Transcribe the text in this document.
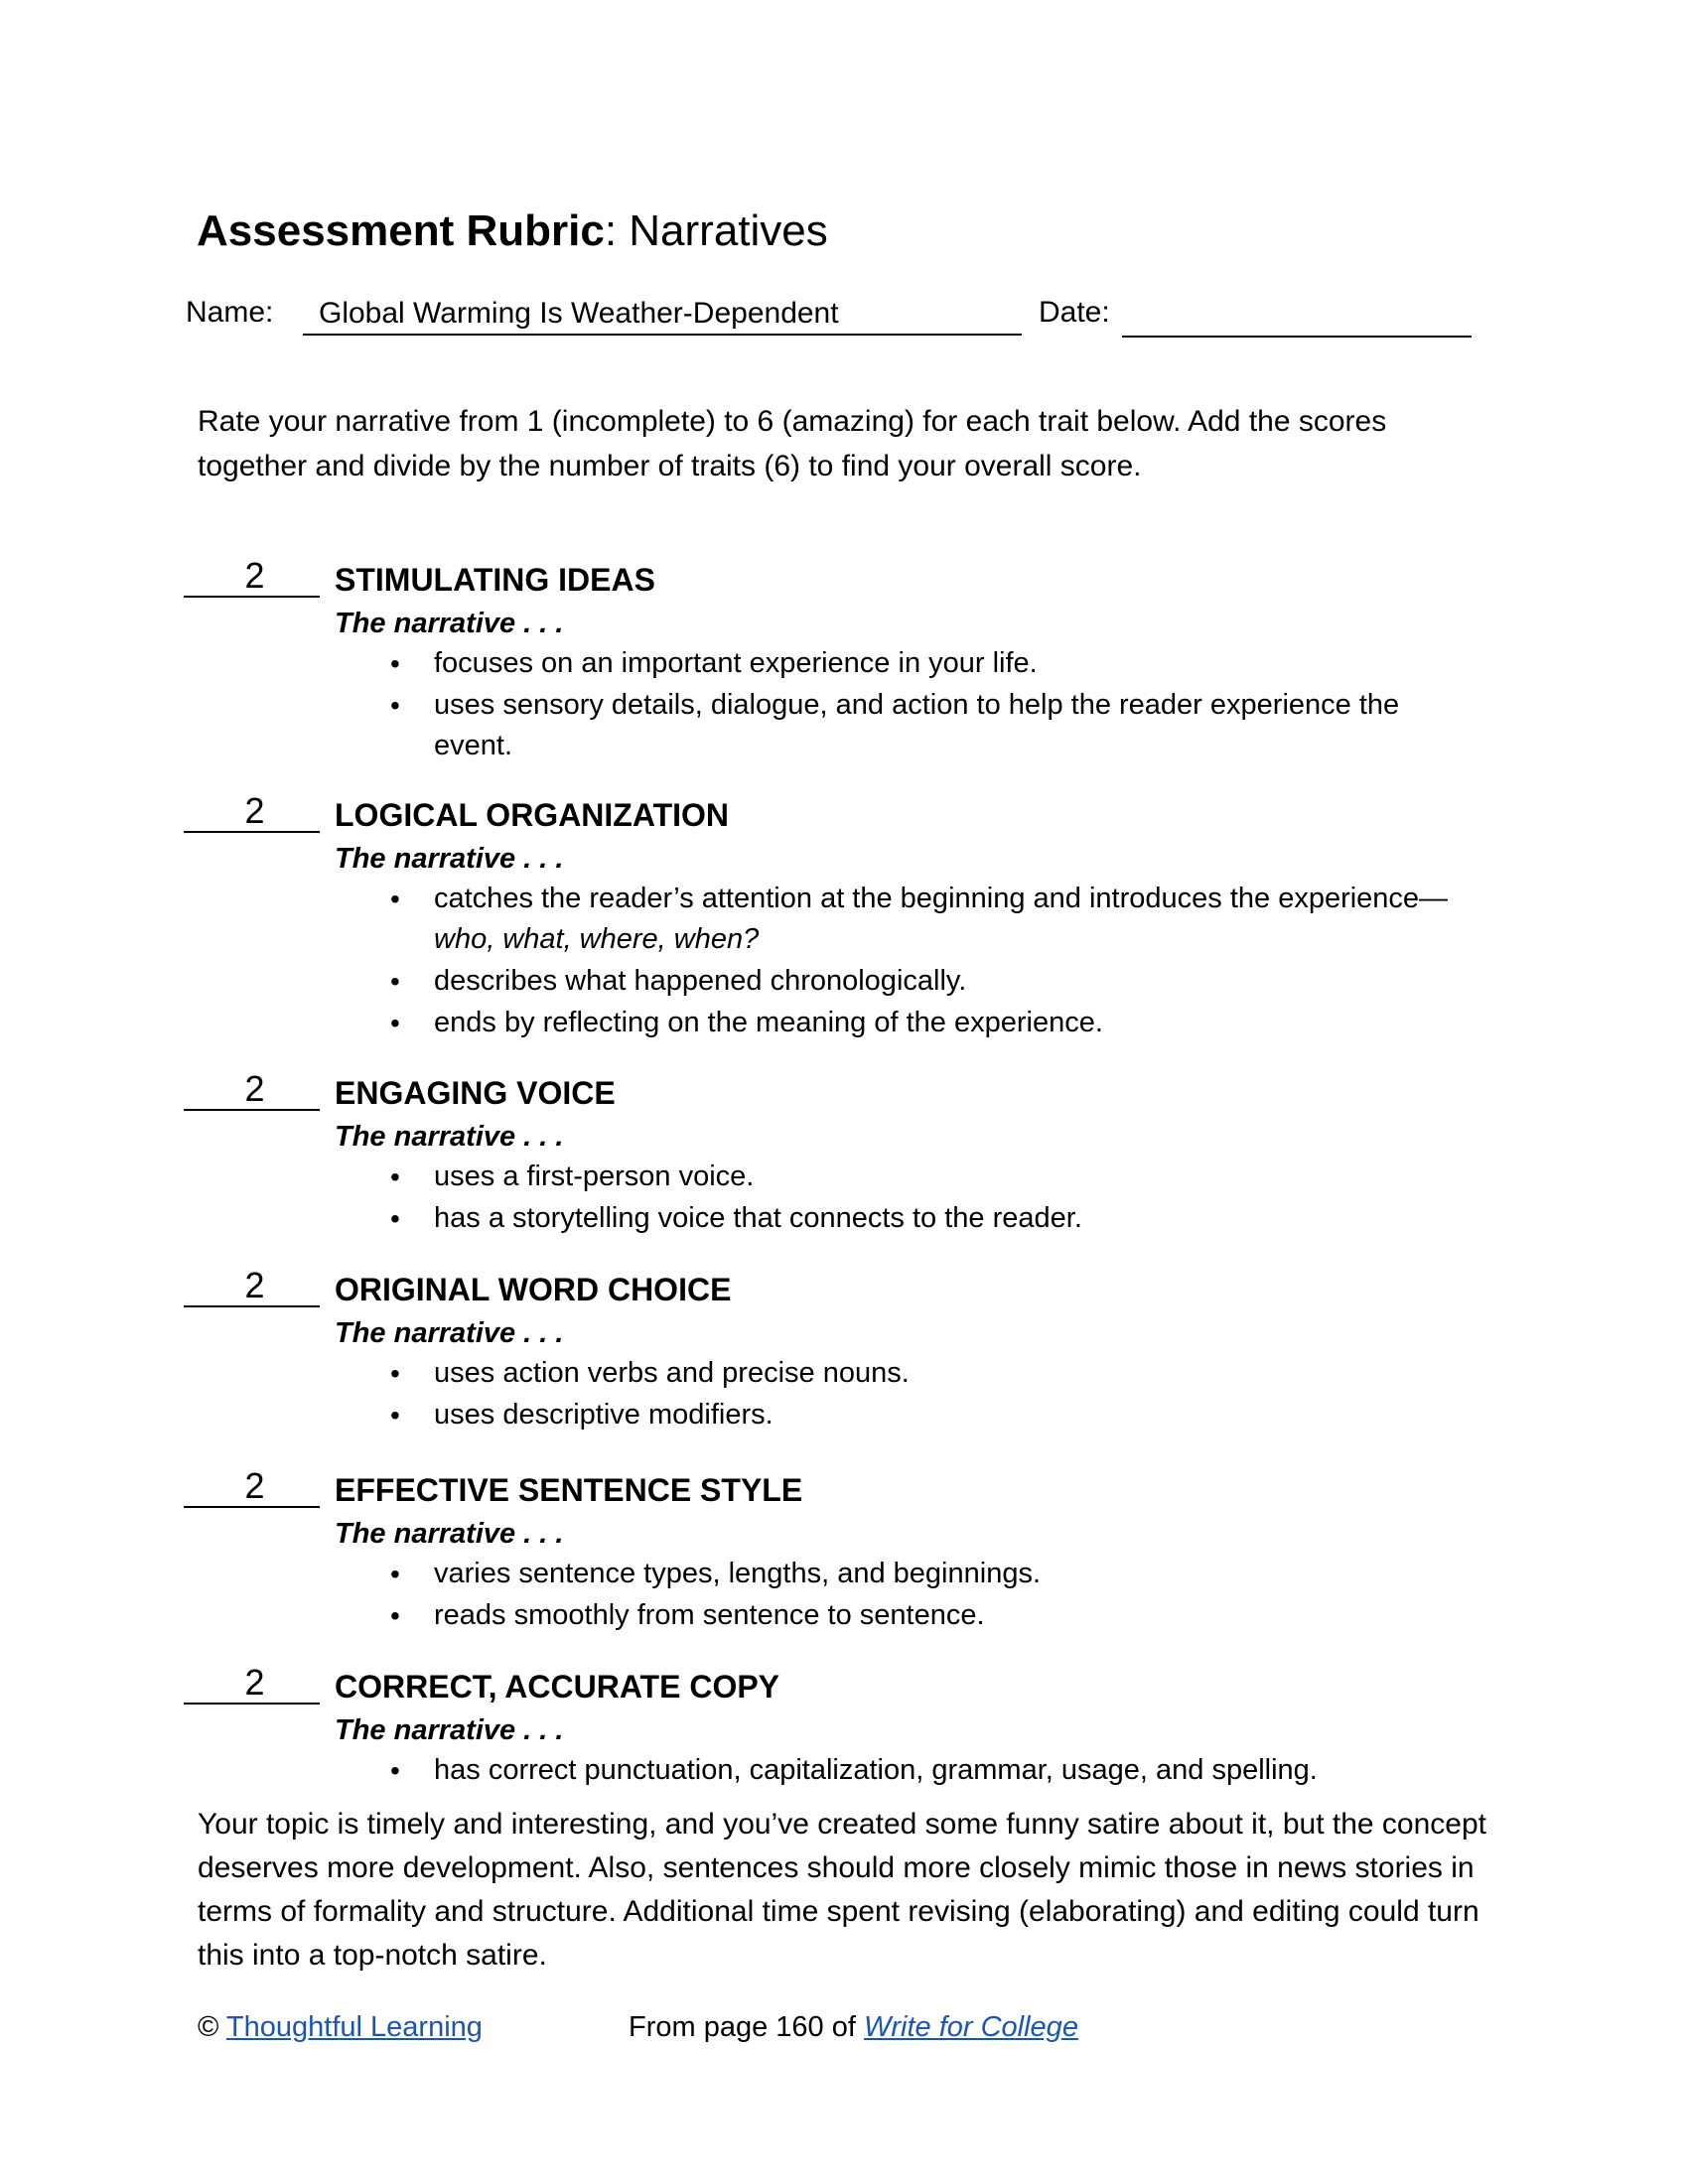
Assessment Rubric: Narratives
Name:	Global Warming Is Weather-Dependent	Date:
Rate your narrative from 1 (incomplete) to 6 (amazing) for each trait below. Add the scores together and divide by the number of traits (6) to find your overall score.
2	STIMULATING IDEAS
The narrative . . .
• focuses on an important experience in your life.
• uses sensory details, dialogue, and action to help the reader experience the event.
2	LOGICAL ORGANIZATION
The narrative . . .
• catches the reader’s attention at the beginning and introduces the experience—who, what, where, when?
• describes what happened chronologically.
• ends by reflecting on the meaning of the experience.
2	ENGAGING VOICE
The narrative . . .
• uses a first-person voice.
• has a storytelling voice that connects to the reader.
2	ORIGINAL WORD CHOICE
The narrative . . .
• uses action verbs and precise nouns.
• uses descriptive modifiers.
2	EFFECTIVE SENTENCE STYLE
The narrative . . .
• varies sentence types, lengths, and beginnings.
• reads smoothly from sentence to sentence.
2	CORRECT, ACCURATE COPY
The narrative . . .
• has correct punctuation, capitalization, grammar, usage, and spelling.
Your topic is timely and interesting, and you’ve created some funny satire about it, but the concept deserves more development. Also, sentences should more closely mimic those in news stories in terms of formality and structure. Additional time spent revising (elaborating) and editing could turn this into a top-notch satire.
© Thoughtful Learning	From page 160 of Write for College
